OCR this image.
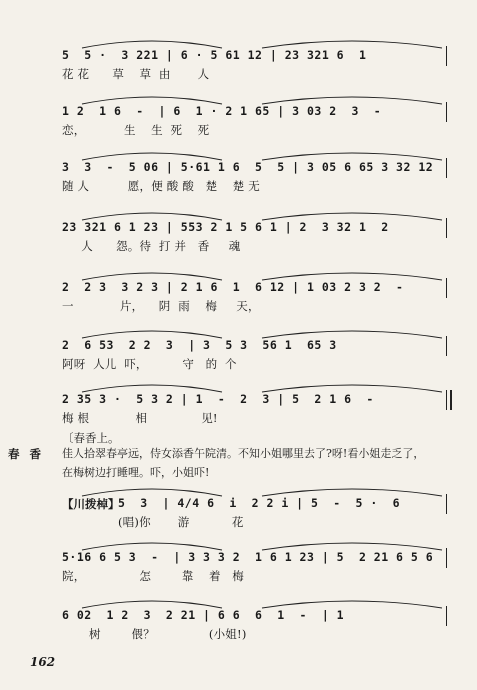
5  5 ·  3 221 | 6 · 5 61 12 | 23 321 6  1
花 花      草    草  由       人
1 2  1 6  -  | 6  1 · 2 1 65 | 3 03 2  3  -
恋，          生    生  死    死
3  3  -  5 06 | 5·61 1 6  5  5 | 3 05 6 65 3 32 12
随 人          愿，便 酸 酸   楚    楚 无
23 321 6 1 23 | 553 2 1 5 6 1 | 2  3 32 1  2
人      怨。待  打 并   香     魂
2  2 3  3 2 3 | 2 1 6  1  6 12 | 1 03 2 3 2  -
一            片，    阴  雨    梅     天，
2  6 53  2 2  3  | 3  5 3  56 1  65 3
阿呀  人儿  吓，         守   的  个
2 35 3 ·  5 3 2 | 1  -  2  3 | 5  2 1 6  -
梅 根            相              见!
〔春香上。
春 香 佳人拾翠春亭远，侍女添香午院清。不知小姐哪里去了?呀!看小姐走乏了，
在梅树边打睡哩。吓，小姐吓!
【川拨棹】
5  3  | 4/4 6  i  2 2 i | 5  -  5 ·  6
(唱)你       游           花
5·16 6 5 3  -  | 3 3 3 2  1 6 1 23 | 5  2 21 6 5 6
院，              怎        靠    着   梅
6 02  1 2  3  2 21 | 6 6  6  1  -  | 1
树        偎？              (小姐!)
162
